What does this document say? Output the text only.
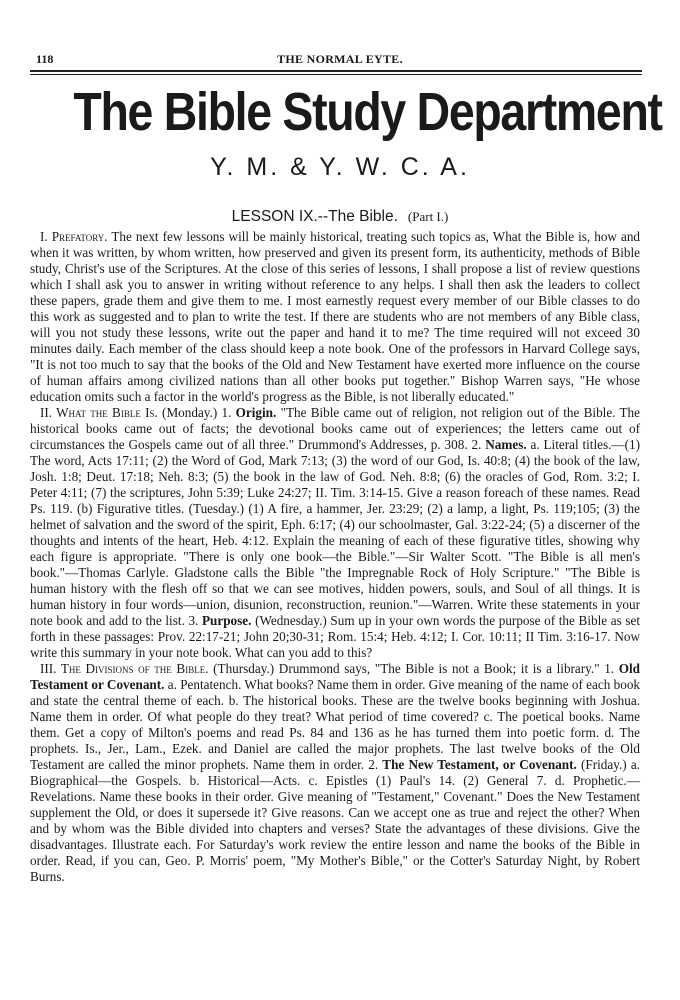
118	THE NORMAL EYTE.
The Bible Study Department
Y. M. & Y. W. C. A.
LESSON IX.--The Bible. (Part I.)

I. Prefatory. The next few lessons will be mainly historical, treating such topics as, What the Bible is, how and when it was written, by whom written, how preserved and given its present form, its authenticity, methods of Bible study, Christ's use of the Scriptures. At the close of this series of lessons, I shall propose a list of review questions which I shall ask you to answer in writing without reference to any helps. I shall then ask the leaders to collect these papers, grade them and give them to me. I most earnestly request every member of our Bible classes to do this work as suggested and to plan to write the test. If there are students who are not members of any Bible class, will you not study these lessons, write out the paper and hand it to me? The time required will not exceed 30 minutes daily. Each member of the class should keep a note book. One of the professors in Harvard College says, "It is not too much to say that the books of the Old and New Testament have exerted more influence on the course of human affairs among civilized nations than all other books put together." Bishop Warren says, "He whose education omits such a factor in the world's progress as the Bible, is not liberally educated."

II. What the Bible Is. (Monday.) 1. Origin. "The Bible came out of religion, not religion out of the Bible. The historical books came out of facts; the devotional books came out of experiences; the letters came out of circumstances the Gospels came out of all three." Drummond's Addresses, p. 308. 2. Names. a. Literal titles.—(1) The word, Acts 17:11; (2) the Word of God, Mark 7:13; (3) the word of our God, Is. 40:8; (4) the book of the law, Josh. 1:8; Deut. 17:18; Neh. 8:3; (5) the book in the law of God. Neh. 8:8; (6) the oracles of God, Rom. 3:2; I. Peter 4:11; (7) the scriptures, John 5:39; Luke 24:27; II. Tim. 3:14-15. Give a reason foreach of these names. Read Ps. 119. (b) Figurative titles. (Tuesday.) (1) A fire, a hammer, Jer. 23:29; (2) a lamp, a light, Ps. 119;105; (3) the helmet of salvation and the sword of the spirit, Eph. 6:17; (4) our schoolmaster, Gal. 3:22-24; (5) a discerner of the thoughts and intents of the heart, Heb. 4:12. Explain the meaning of each of these figurative titles, showing why each figure is appropriate. "There is only one book—the Bible."—Sir Walter Scott. "The Bible is all men's book."—Thomas Carlyle. Gladstone calls the Bible "the Impregnable Rock of Holy Scripture." "The Bible is human history with the flesh off so that we can see motives, hidden powers, souls, and Soul of all things. It is human history in four words—union, disunion, reconstruction, reunion."—Warren. Write these statements in your note book and add to the list. 3. Purpose. (Wednesday.) Sum up in your own words the purpose of the Bible as set forth in these passages: Prov. 22:17-21; John 20;30-31; Rom. 15:4; Heb. 4:12; I. Cor. 10:11; II Tim. 3:16-17. Now write this summary in your note book. What can you add to this?

III. The Divisions of the Bible. (Thursday.) Drummond says, "The Bible is not a Book; it is a library." 1. Old Testament or Covenant. a. Pentatench. What books? Name them in order. Give meaning of the name of each book and state the central theme of each. b. The historical books. These are the twelve books beginning with Joshua. Name them in order. Of what people do they treat? What period of time covered? c. The poetical books. Name them. Get a copy of Milton's poems and read Ps. 84 and 136 as he has turned them into poetic form. d. The prophets. Is., Jer., Lam., Ezek. and Daniel are called the major prophets. The last twelve books of the Old Testament are called the minor prophets. Name them in order. 2. The New Testament, or Covenant. (Friday.) a. Biographical—the Gospels. b. Historical—Acts. c. Epistles (1) Paul's 14. (2) General 7. d. Prophetic.—Revelations. Name these books in their order. Give meaning of "Testament," Covenant." Does the New Testament supplement the Old, or does it supersede it? Give reasons. Can we accept one as true and reject the other? When and by whom was the Bible divided into chapters and verses? State the advantages of these divisions. Give the disadvantages. Illustrate each. For Saturday's work review the entire lesson and name the books of the Bible in order. Read, if you can, Geo. P. Morris' poem, "My Mother's Bible," or the Cotter's Saturday Night, by Robert Burns.
